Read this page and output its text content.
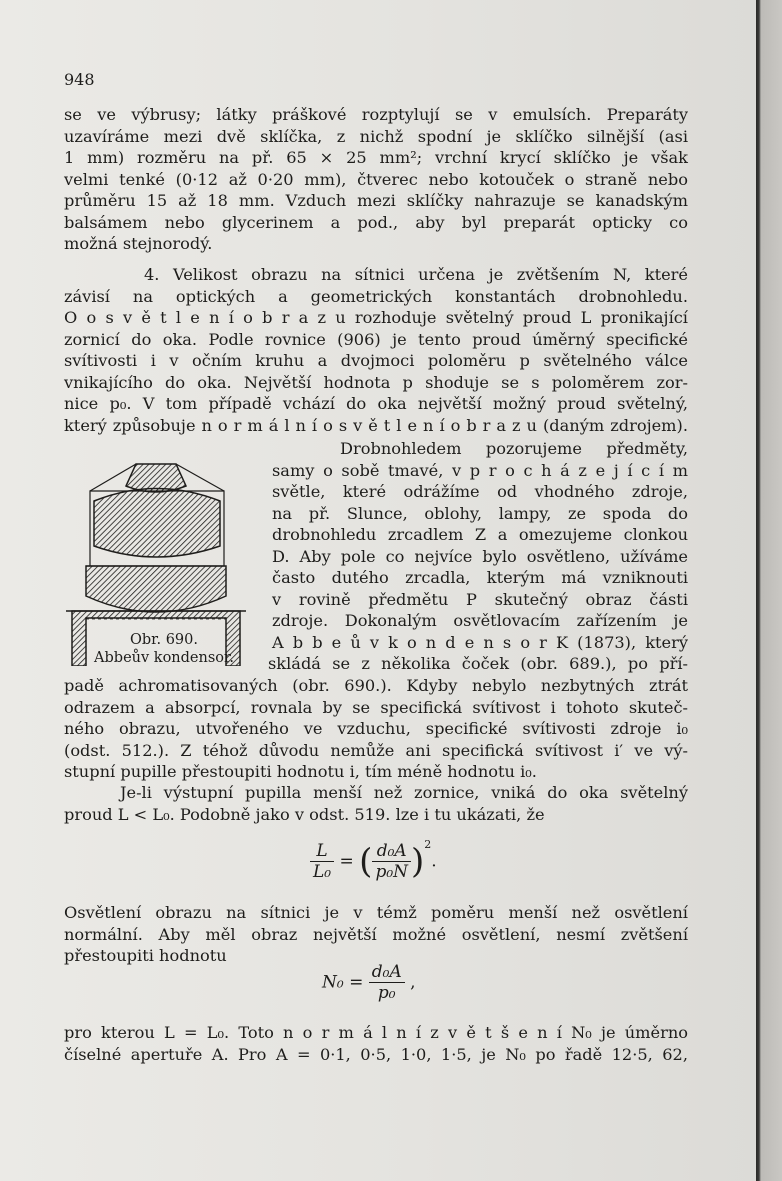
948
se ve výbrusy; látky práškové rozptylují se v emulsích. Preparáty
uzavíráme mezi dvě sklíčka, z nichž spodní je sklíčko silnější (asi
1 mm) rozměru na př. 65 × 25 mm²; vrchní krycí sklíčko je však
velmi tenké (0·12 až 0·20 mm), čtverec nebo kotouček o straně nebo
průměru 15 až 18 mm. Vzduch mezi sklíčky nahrazuje se kanadským
balsámem nebo glycerinem a pod., aby byl preparát opticky co
možná stejnorodý.
4. Velikost obrazu na sítnici určena je zvětšením N, které
závisí na optických a geometrických konstantách drobnohledu.
O o s v ě t l e n í o b r a z u rozhoduje světelný proud L pronikající
zornicí do oka. Podle rovnice (906) je tento proud úměrný specifické
svítivosti i v očním kruhu a dvojmoci poloměru p světelného válce
vnikajícího do oka. Největší hodnota p shoduje se s poloměrem zor-
nice p₀. V tom případě vchází do oka největší možný proud světelný,
který způsobuje n o r m á l n í o s v ě t l e n í o b r a z u (daným zdrojem).
Drobnohledem pozorujeme předměty,
samy o sobě tmavé, v p r o c h á z e j í c í m
světle, které odrážíme od vhodného zdroje,
na př. Slunce, oblohy, lampy, ze spoda do
drobnohledu zrcadlem Z a omezujeme clonkou
D. Aby pole co nejvíce bylo osvětleno, užíváme
často dutého zrcadla, kterým má vzniknouti
v rovině předmětu P skutečný obraz části
zdroje. Dokonalým osvětlovacím zařízením je
A b b e ů v k o n d e n s o r K (1873), který
skládá se z několika čoček (obr. 689.), po pří-
padě achromatisovaných (obr. 690.). Kdyby nebylo nezbytných ztrát
odrazem a absorpcí, rovnala by se specifická svítivost i tohoto skuteč-
ného obrazu, utvořeného ve vzduchu, specifické svítivosti zdroje i₀
(odst. 512.). Z téhož důvodu nemůže ani specifická svítivost i′ ve vý-
stupní pupille přestoupiti hodnotu i, tím méně hodnotu i₀.
Je-li výstupní pupilla menší než zornice, vniká do oka světelný
proud L < L₀. Podobně jako v odst. 519. lze i tu ukázati, že
$\frac{L}{\text{L₀}}$ = ( $\frac{\text{d₀A}}{\text{p₀N}} )^2$.
Osvětlení obrazu na sítnici je v témž poměru menší než osvětlení
normální. Aby měl obraz největší možné osvětlení, nesmí zvětšení
přestoupiti hodnotu
$N_0 = \frac{\text{d₀A}}{\text{p₀}}$ ,
pro kterou L = L₀. Toto n o r m á l n í z v ě t š e n í N₀ je úměrno
číselné apertuře A. Pro A = 0·1, 0·5, 1·0, 1·5, je N₀ po řadě 12·5, 62,
Obr. 690.
Abbeův kondensor.
